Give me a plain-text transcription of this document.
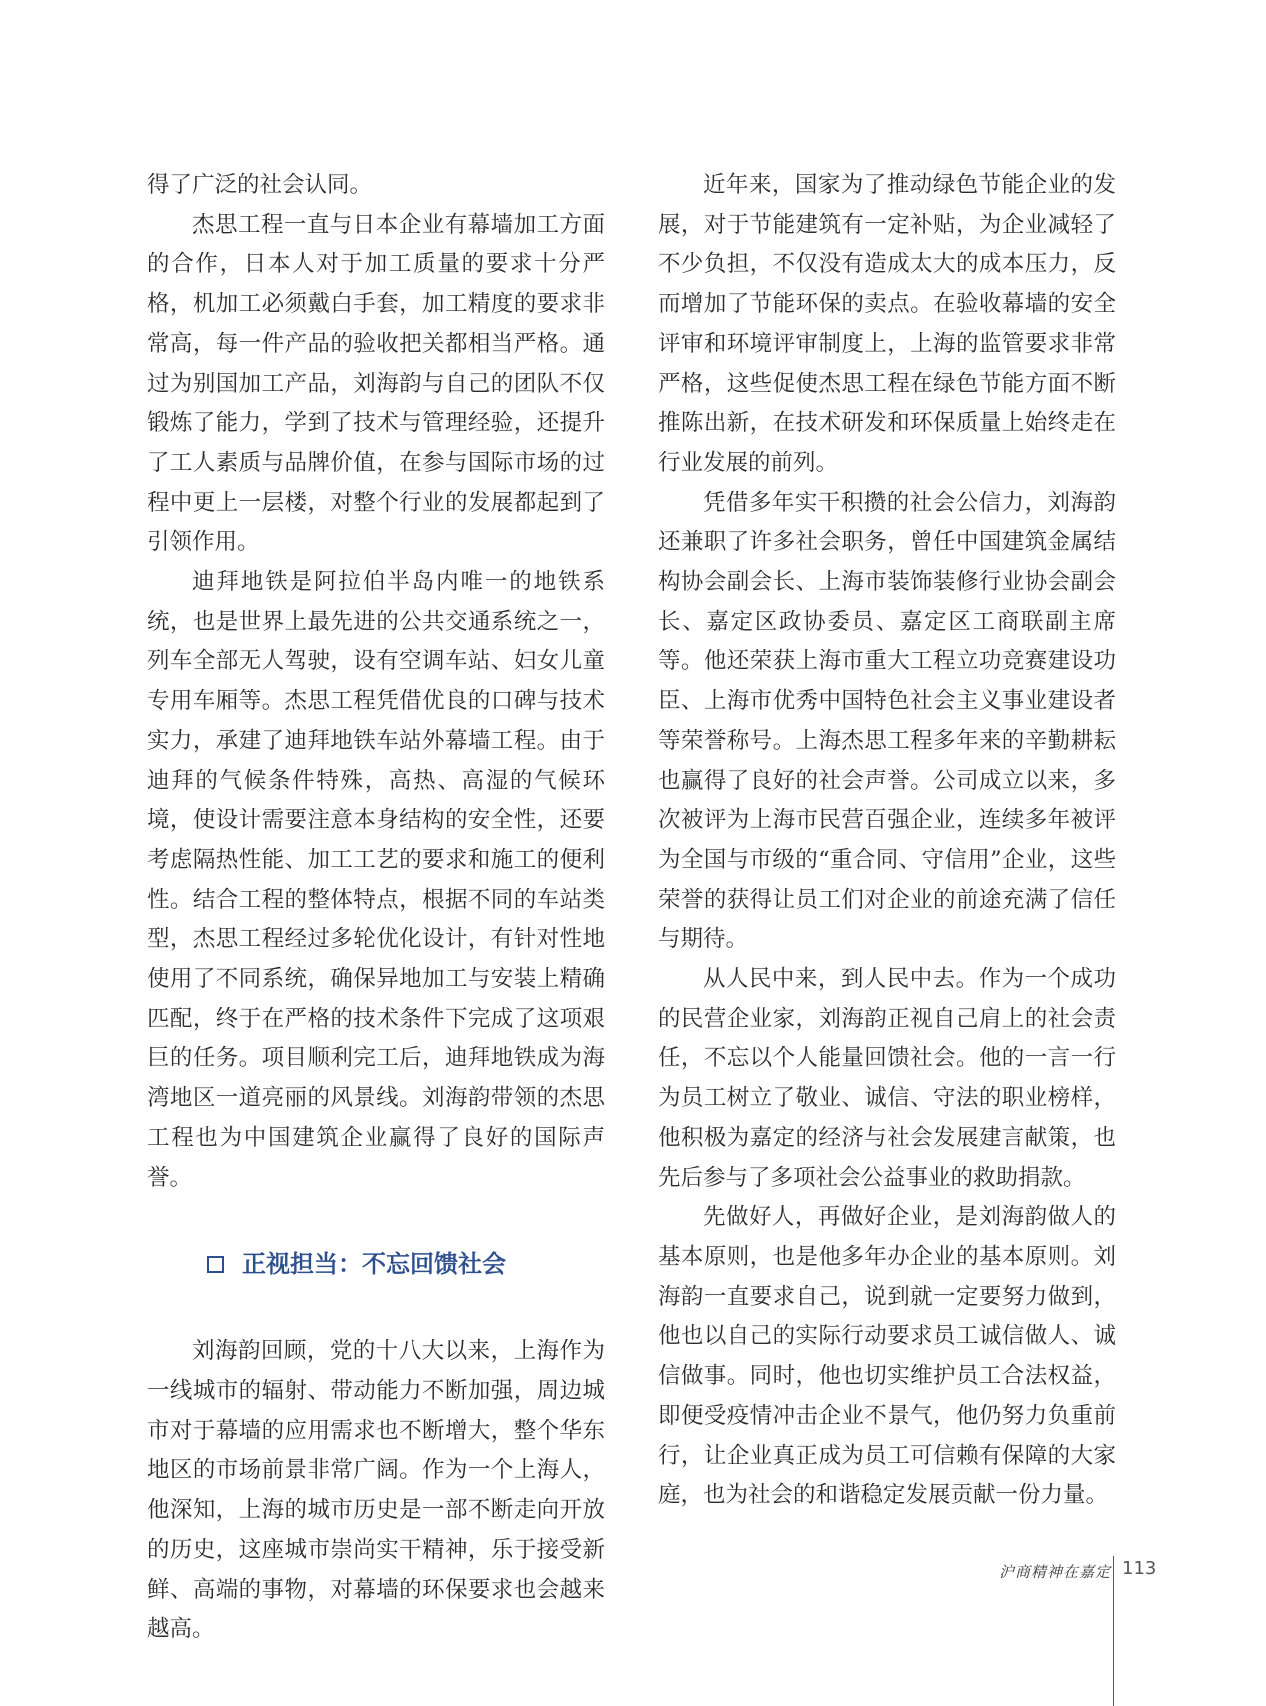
得了广泛的社会认同。

杰思工程一直与日本企业有幕墙加工方面的合作，日本人对于加工质量的要求十分严格，机加工必须戴白手套，加工精度的要求非常高，每一件产品的验收把关都相当严格。通过为别国加工产品，刘海韵与自己的团队不仅锻炼了能力，学到了技术与管理经验，还提升了工人素质与品牌价值，在参与国际市场的过程中更上一层楼，对整个行业的发展都起到了引领作用。

迪拜地铁是阿拉伯半岛内唯一的地铁系统，也是世界上最先进的公共交通系统之一，列车全部无人驾驶，设有空调车站、妇女儿童专用车厢等。杰思工程凭借优良的口碑与技术实力，承建了迪拜地铁车站外幕墙工程。由于迪拜的气候条件特殊，高热、高湿的气候环境，使设计需要注意本身结构的安全性，还要考虑隔热性能、加工工艺的要求和施工的便利性。结合工程的整体特点，根据不同的车站类型，杰思工程经过多轮优化设计，有针对性地使用了不同系统，确保异地加工与安装上精确匹配，终于在严格的技术条件下完成了这项艰巨的任务。项目顺利完工后，迪拜地铁成为海湾地区一道亮丽的风景线。刘海韵带领的杰思工程也为中国建筑企业赢得了良好的国际声誉。

正视担当：不忘回馈社会

刘海韵回顾，党的十八大以来，上海作为一线城市的辐射、带动能力不断加强，周边城市对于幕墙的应用需求也不断增大，整个华东地区的市场前景非常广阔。作为一个上海人，他深知，上海的城市历史是一部不断走向开放的历史，这座城市崇尚实干精神，乐于接受新鲜、高端的事物，对幕墙的环保要求也会越来越高。

近年来，国家为了推动绿色节能企业的发展，对于节能建筑有一定补贴，为企业减轻了不少负担，不仅没有造成太大的成本压力，反而增加了节能环保的卖点。在验收幕墙的安全评审和环境评审制度上，上海的监管要求非常严格，这些促使杰思工程在绿色节能方面不断推陈出新，在技术研发和环保质量上始终走在行业发展的前列。

凭借多年实干积攒的社会公信力，刘海韵还兼职了许多社会职务，曾任中国建筑金属结构协会副会长、上海市装饰装修行业协会副会长、嘉定区政协委员、嘉定区工商联副主席等。他还荣获上海市重大工程立功竞赛建设功臣、上海市优秀中国特色社会主义事业建设者等荣誉称号。上海杰思工程多年来的辛勤耕耘也赢得了良好的社会声誉。公司成立以来，多次被评为上海市民营百强企业，连续多年被评为全国与市级的“重合同、守信用”企业，这些荣誉的获得让员工们对企业的前途充满了信任与期待。

从人民中来，到人民中去。作为一个成功的民营企业家，刘海韵正视自己肩上的社会责任，不忘以个人能量回馈社会。他的一言一行为员工树立了敬业、诚信、守法的职业榜样，他积极为嘉定的经济与社会发展建言献策，也先后参与了多项社会公益事业的救助捐款。

先做好人，再做好企业，是刘海韵做人的基本原则，也是他多年办企业的基本原则。刘海韵一直要求自己，说到就一定要努力做到，他也以自己的实际行动要求员工诚信做人、诚信做事。同时，他也切实维护员工合法权益，即便受疫情冲击企业不景气，他仍努力负重前行，让企业真正成为员工可信赖有保障的大家庭，也为社会的和谐稳定发展贡献一份力量。

沪商精神在嘉定 113
